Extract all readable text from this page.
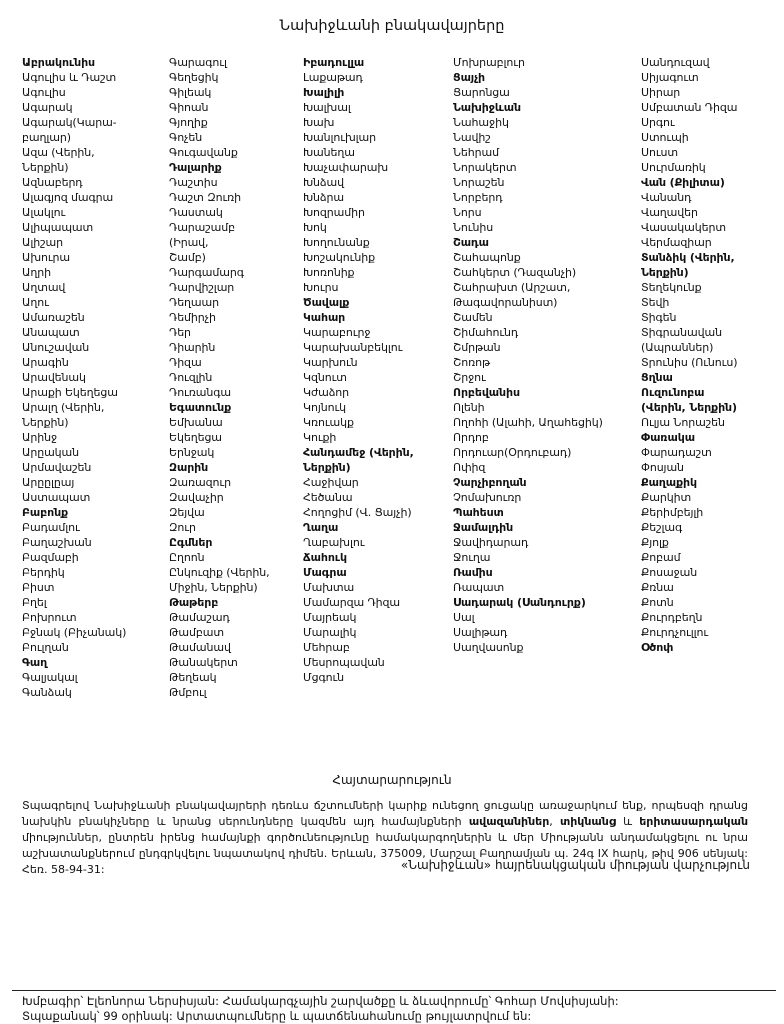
Նախիջևանի բնակավայրերը
Աբրակունիս
Ագուլիս և Դաշտ
Ագուլիս
Ագարակ
Ագարակ(Կարա-
բաղլար)
Ազա (Վերին,
Ներքին)
Ազնաբերդ
Ալագյոզ մագրա
Ալակլու
Ալիպապատ
Ալիշար
Ախուրա
Աղրի
Աղտավ
Աղու
Ամառաշեն
Անապատ
Անուշավան
Արագին
Արավենակ
Արաքի Եկեղեցա
Արալղ (Վերին,
Ներքին)
Արինջ
Արըական
Արմավաշեն
Արըըլըայ
Աստապատ
Բաբոնք
Բադամլու
Բաղաշխան
Բազմաբի
Բերդիկ
Բիստ
Բղել
Բոխրուտ
Բջնակ (Բիչանակ)
Բուլղան
Գաղ
Գալյակալ
Գանձակ
Գարագուլ
Գեղեցիկ
Գիլեակ
Գիոան
Գյողիք
Գոչեն
Գուգավանք
Դալարիք
Դաշտիս
Դաշտ Զուռի
Դաստակ
Դարաշամբ
(Իրավ,
Շամբ)
Դարգամարգ
Դարվիշլար
Դեղաար
Դեմիրչի
Դեր
Դիարին
Դիզա
Դուզլին
Դուռանգա
Եգատունք
Եմխանա
Եկեղեցա
Երնջակ
Զարին
Զառազուր
Զավաչիր
Զեյվա
Զուր
Ըգմներ
Ըղոոն
Ընկուզիք (Վերին,
Միջին, Ներքին)
Թաթերբ
Թամաշադ
Թամբատ
Թամանավ
Թանակերտ
Թեղեակ
Թմբուլ
Իբադուլլա
Լաքաթադ
Խալիլի
Խալխալ
Խախ
Խանլուխլար
Խանեղա
Խաչափարախ
Խնձավ
Խնձրա
Խոզրամիր
Խոկ
Խողունանք
Խոշակունիք
Խոռոնիք
Խուրս
Ծավալք
Կահար
Կարաբուրջ
Կարախանբեկլու
Կարխուն
Կզնուտ
Կժաձոր
Կոյնուկ
Կռուակք
Կուքի
Հանդամեջ (Վերին,
Ներքին)
Հաջիվար
Հեծանա
Հողոցիմ (Վ. Ցայչի)
Ղաղա
Ղաբախլու
Ճահուկ
Մագրա
Մախտա
Մամարզա Դիզա
Մայրեակ
Մարալիկ
Մեհրաբ
Մեսրոպավան
Մցգուն
Մոխրաբլուր
Ցայչի
Ցարոնցա
Նախիջևան
Նահաջիկ
Նավիշ
Նեհրամ
Նորակերտ
Նորաշեն
Նորբերդ
Նորս
Նունիս
Շադա
Շահապոնք
Շահկերտ (Դազանչի)
Շահրախտ (Արշատ,
Թագավորանիստ)
Շամեն
Շիմահունդ
Շմրթան
Շոռոթ
Շրջու
Որբեվանիս
Ոլենի
Ողոհի (Ալահի, Աղահեցիկ)
Որդոբ
Որդուար(Օրդուբադ)
Ոփիզ
Չարչիբողան
Չոմախուռր
Պահեստ
Ջամալդին
Ջավիդարադ
Ջուղա
Ռամիս
Ռապատ
Սադարակ (Սանդուրք)
Սալ
Սալիթադ
Սաղվասոնք
Սանդուզավ
Սիյագուտ
Սիրար
Սմբատան Դիզա
Սրգու
Ստուպի
Սուստ
Սուրմառիկ
Վան (Քիլիտա)
Վանանդ
Վաղավեր
Վասակակերտ
Վերմազիար
Տանձիկ (Վերին,
Ներքին)
Տեղեկունք
Տեվի
Տիգեն
Տիգրանավան
(Ապրաններ)
Տրունիս (Ունուս)
Ցղնա
Ուզունոբա
(Վերին, Ներքին)
Ուլյա Նորաշեն
Փառակա
Փարադաշտ
Փոսյան
Քաղաքիկ
Քարկիտ
Քերիմբեյլի
Քեշլագ
Քյոլք
Քոբամ
Քոսաջան
Քռնա
Քոտն
Քուրդբեղն
Քուրդչուլլու
Օծոփ
Հայտարարություն
Տպագրելով Նախիջևանի բնակավայրերի դեռևս ճշտումների կարիք ունեցող ցուցակը առաջարկում ենք, որպեսզի դրանց նախկին բնակիչները և նրանց սերունդները կազմեն այդ համայնքների ավազանիներ, տիկնանց և երիտասարդական միություններ, ընտրեն իրենց համայնքի գործունեությունը համակարգողներին և մեր Միությանն անդամակցելու ու նրա աշխատանքներում ընդգրկվելու նպատակով դիմեն. Երևան, 375009, Մարշալ Բաղրամյան պ. 24գ IX հարկ, թիվ 906 սենյակ: Հեռ. 58-94-31:	«Նախիջևան» հայրենակցական միության վարչություն
Խմբագիր՝ Էլեոնորա Ներսիսյան: Համակարգչային շարվածքը և ձևավորումը՝ Գոհար Մովսիսյանի:
Տպաքանակ՝ 99 օրինակ: Արտատպումները և պատճենահանումը թույլատրվում են:
